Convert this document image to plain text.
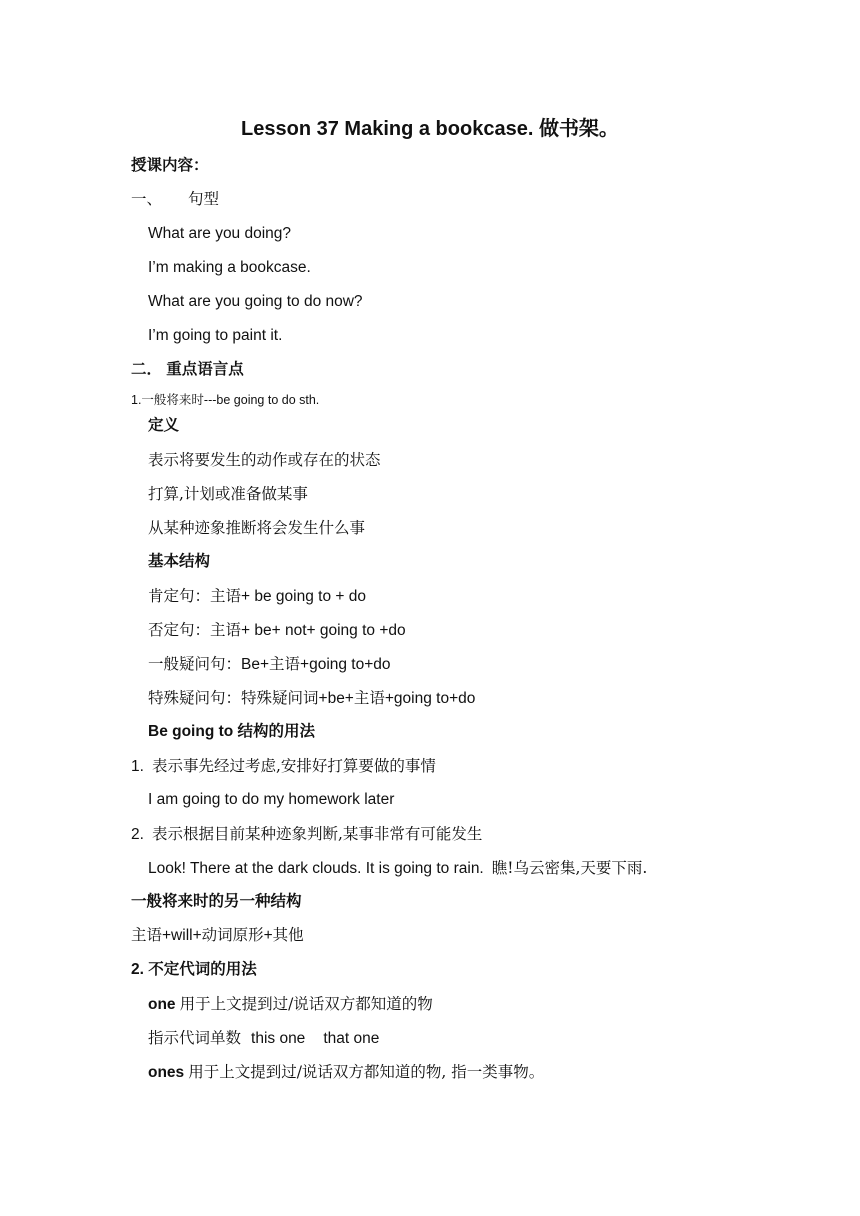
Lesson 37 Making a bookcase. 做书架。
授课内容：
一、 句型
What are you doing?
I’m making a bookcase.
What are you going to do now?
I’m going to paint it.
二． 重点语言点
1.一般将来时---be going to do sth.
定义
表示将要发生的动作或存在的状态
打算,计划或准备做某事
从某种迹象推断将会发生什么事
基本结构
肯定句：主语+ be going to + do
否定句：主语+ be+ not+ going to +do
一般疑问句：Be+主语+going to+do
特殊疑问句：特殊疑问词+be+主语+going to+do
Be going to 结构的用法
1. 表示事先经过考虑,安排好打算要做的事情
I am going to do my homework later
2. 表示根据目前某种迹象判断,某事非常有可能发生
Look! There at the dark clouds. It is going to rain. 瞧!乌云密集,天要下雨.
一般将来时的另一种结构
主语+will+动词原形+其他
2. 不定代词的用法
one 用于上文提到过/说话双方都知道的物
指示代词单数 this one that one
ones 用于上文提到过/说话双方都知道的物, 指一类事物。
